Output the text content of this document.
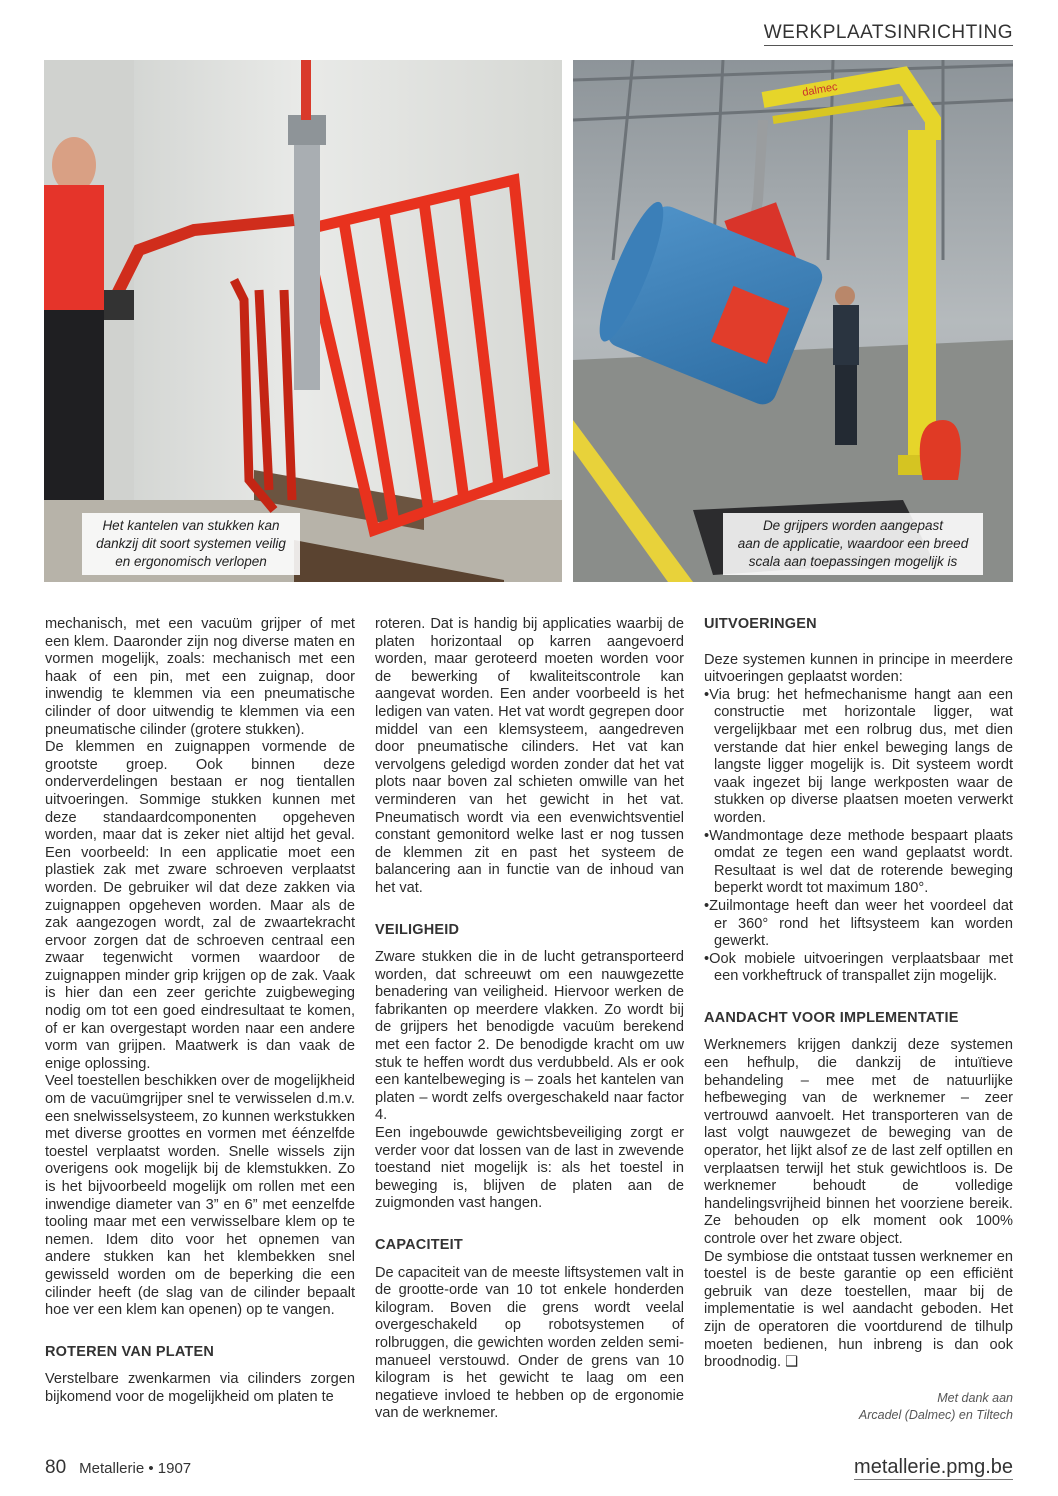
WERKPLAATSINRICHTING
Het kantelen van stukken kan
dankzij dit soort systemen veilig
en ergonomisch verlopen
dalmec
De grijpers worden aangepast
aan de applicatie, waardoor een breed
scala aan toepassingen mogelijk is

mechanisch, met een vacuüm grijper of met een klem. Daaronder zijn nog diverse maten en vormen mogelijk, zoals: mechanisch met een haak of een pin, met een zuignap, door inwendig te klemmen via een pneumatische cilinder of door uitwendig te klemmen via een pneumatische cilinder (grotere stukken).

De klemmen en zuignappen vormende de grootste groep. Ook binnen deze onderverdelingen bestaan er nog tientallen uitvoeringen. Sommige stukken kunnen met deze standaardcomponenten opgeheven worden, maar dat is zeker niet altijd het geval. Een voorbeeld: In een applicatie moet een plastiek zak met zware schroeven verplaatst worden. De gebruiker wil dat deze zakken via zuignappen opgeheven worden. Maar als de zak aangezogen wordt, zal de zwaartekracht ervoor zorgen dat de schroeven centraal een zwaar tegenwicht vormen waardoor de zuignappen minder grip krijgen op de zak. Vaak is hier dan een zeer gerichte zuigbeweging nodig om tot een goed eindresultaat te komen, of er kan overgestapt worden naar een andere vorm van grijpen. Maatwerk is dan vaak de enige oplossing.

Veel toestellen beschikken over de mogelijkheid om de vacuümgrijper snel te verwisselen d.m.v. een snelwisselsysteem, zo kunnen werkstukken met diverse groottes en vormen met éénzelfde toestel verplaatst worden. Snelle wissels zijn overigens ook mogelijk bij de klemstukken. Zo is het bijvoorbeeld mogelijk om rollen met een inwendige diameter van 3” en 6” met eenzelfde tooling maar met een verwisselbare klem op te nemen. Idem dito voor het opnemen van andere stukken kan het klembekken snel gewisseld worden om de beperking die een cilinder heeft (de slag van de cilinder bepaalt hoe ver een klem kan openen) op te vangen.

ROTEREN VAN PLATEN

Verstelbare zwenkarmen via cilinders zorgen bijkomend voor de mogelijkheid om platen te

roteren. Dat is handig bij applicaties waarbij de platen horizontaal op karren aangevoerd worden, maar geroteerd moeten worden voor de bewerking of kwaliteitscontrole kan aangevat worden. Een ander voorbeeld is het ledigen van vaten. Het vat wordt gegrepen door middel van een klemsysteem, aangedreven door pneumatische cilinders. Het vat kan vervolgens geledigd worden zonder dat het vat plots naar boven zal schieten omwille van het verminderen van het gewicht in het vat. Pneumatisch wordt via een evenwichtsventiel constant gemonitord welke last er nog tussen de klemmen zit en past het systeem de balancering aan in functie van de inhoud van het vat.

VEILIGHEID

Zware stukken die in de lucht getransporteerd worden, dat schreeuwt om een nauwgezette benadering van veiligheid. Hiervoor werken de fabrikanten op meerdere vlakken. Zo wordt bij de grijpers het benodigde vacuüm berekend met een factor 2. De benodigde kracht om uw stuk te heffen wordt dus verdubbeld. Als er ook een kantelbeweging is – zoals het kantelen van platen – wordt zelfs overgeschakeld naar factor 4.

Een ingebouwde gewichtsbeveiliging zorgt er verder voor dat lossen van de last in zwevende toestand niet mogelijk is: als het toestel in beweging is, blijven de platen aan de zuigmonden vast hangen.

CAPACITEIT

De capaciteit van de meeste liftsystemen valt in de grootte-orde van 10 tot enkele honderden kilogram. Boven die grens wordt veelal overgeschakeld op robotsystemen of rolbruggen, die gewichten worden zelden semi-manueel verstouwd. Onder de grens van 10 kilogram is het gewicht te laag om een negatieve invloed te hebben op de ergonomie van de werknemer.

UITVOERINGEN

Deze systemen kunnen in principe in meerdere uitvoeringen geplaatst worden:

•Via brug: het hefmechanisme hangt aan een constructie met horizontale ligger, wat vergelijkbaar met een rolbrug dus, met dien verstande dat hier enkel beweging langs de langste ligger mogelijk is. Dit systeem wordt vaak ingezet bij lange werkposten waar de stukken op diverse plaatsen moeten verwerkt worden.
•Wandmontage deze methode bespaart plaats omdat ze tegen een wand geplaatst wordt. Resultaat is wel dat de roterende beweging beperkt wordt tot maximum 180°.
•Zuilmontage heeft dan weer het voordeel dat er 360° rond het liftsysteem kan worden gewerkt.
•Ook mobiele uitvoeringen verplaatsbaar met een vorkheftruck of transpallet zijn mogelijk.
AANDACHT VOOR IMPLEMENTATIE

Werknemers krijgen dankzij deze systemen een hefhulp, die dankzij de intuïtieve behandeling – mee met de natuurlijke hefbeweging van de werknemer – zeer vertrouwd aanvoelt. Het transporteren van de last volgt nauwgezet de beweging van de operator, het lijkt alsof ze de last zelf optillen en verplaatsen terwijl het stuk gewichtloos is. De werknemer behoudt de volledige handelingsvrijheid binnen het voorziene bereik. Ze behouden op elk moment ook 100% controle over het zware object.

De symbiose die ontstaat tussen werknemer en toestel is de beste garantie op een efficiënt gebruik van deze toestellen, maar bij de implementatie is wel aandacht geboden. Het zijn de operatoren die voortdurend de tilhulp moeten bedienen, hun inbreng is dan ook broodnodig. ❑

Met dank aan
Arcadel (Dalmec) en Tiltech
80 Metallerie • 1907	metallerie.pmg.be
